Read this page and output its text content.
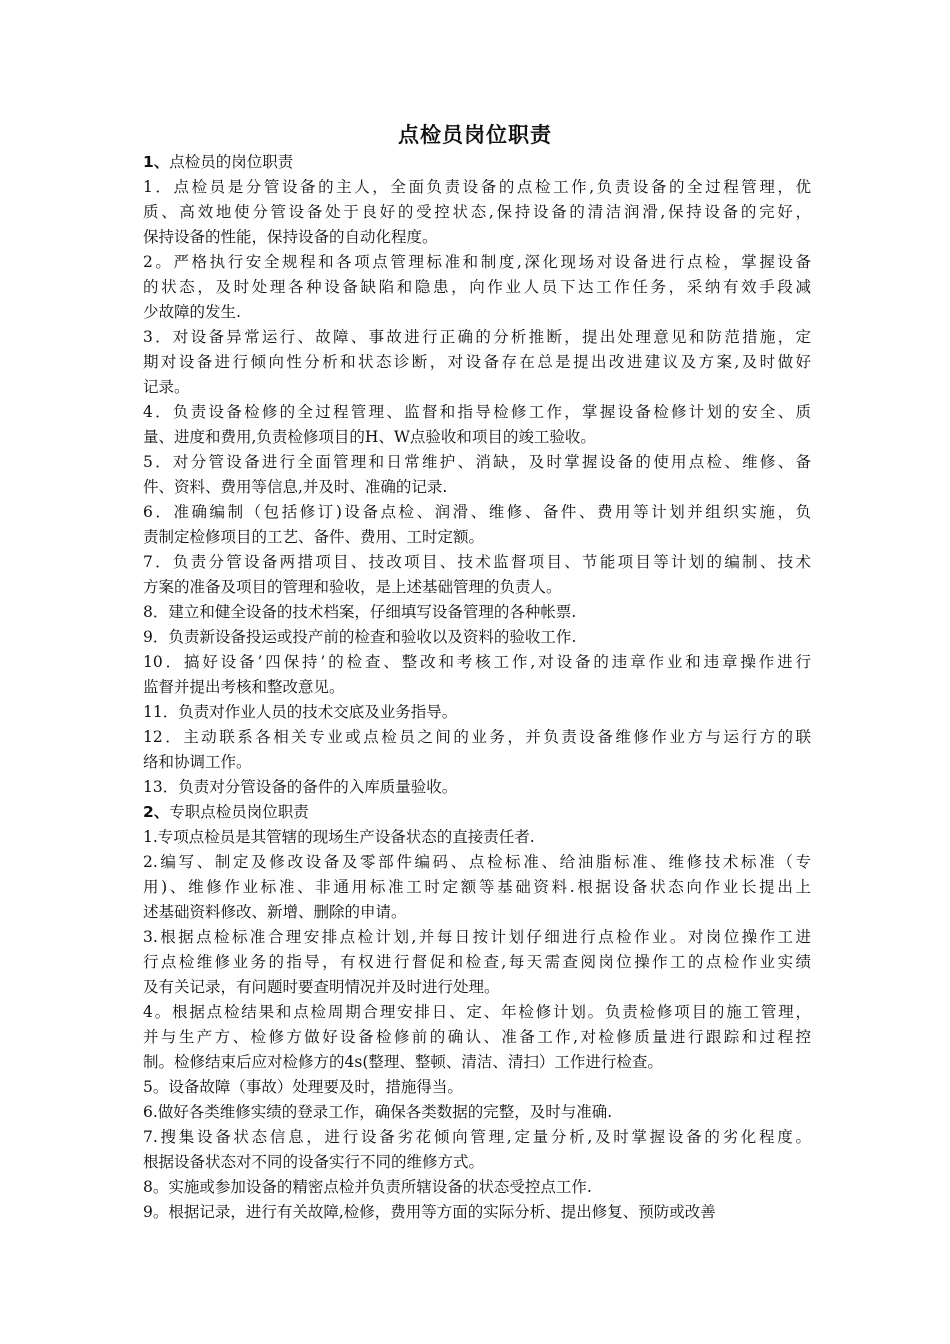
点检员岗位职责
1、点检员的岗位职责
1．点检员是分管设备的主人，全面负责设备的点检工作,负责设备的全过程管理，优
质、高效地使分管设备处于良好的受控状态,保持设备的清洁润滑,保持设备的完好，
保持设备的性能，保持设备的自动化程度。
2。严格执行安全规程和各项点管理标准和制度,深化现场对设备进行点检，掌握设备
的状态，及时处理各种设备缺陷和隐患，向作业人员下达工作任务，采纳有效手段减
少故障的发生.
3．对设备异常运行、故障、事故进行正确的分析推断，提出处理意见和防范措施，定
期对设备进行倾向性分析和状态诊断，对设备存在总是提出改进建议及方案,及时做好
记录。
4．负责设备检修的全过程管理、监督和指导检修工作，掌握设备检修计划的安全、质
量、进度和费用,负责检修项目的H、W点验收和项目的竣工验收。
5．对分管设备进行全面管理和日常维护、消缺，及时掌握设备的使用点检、维修、备
件、资料、费用等信息,并及时、准确的记录.
6．准确编制（包括修订)设备点检、润滑、维修、备件、费用等计划并组织实施，负
责制定检修项目的工艺、备件、费用、工时定额。
7．负责分管设备两措项目、技改项目、技术监督项目、节能项目等计划的编制、技术
方案的准备及项目的管理和验收，是上述基础管理的负责人。
8．建立和健全设备的技术档案，仔细填写设备管理的各种帐票.
9．负责新设备投运或投产前的检查和验收以及资料的验收工作.
10．搞好设备’四保持’的检查、整改和考核工作,对设备的违章作业和违章操作进行
监督并提出考核和整改意见。
11．负责对作业人员的技术交底及业务指导。
12．主动联系各相关专业或点检员之间的业务，并负责设备维修作业方与运行方的联
络和协调工作。
13．负责对分管设备的备件的入库质量验收。
2、专职点检员岗位职责
1.专项点检员是其管辖的现场生产设备状态的直接责任者.
2.编写、制定及修改设备及零部件编码、点检标准、给油脂标准、维修技术标准（专
用)、维修作业标准、非通用标准工时定额等基础资料.根据设备状态向作业长提出上
述基础资料修改、新增、删除的申请。
3.根据点检标准合理安排点检计划,并每日按计划仔细进行点检作业。对岗位操作工进
行点检维修业务的指导，有权进行督促和检查,每天需查阅岗位操作工的点检作业实绩
及有关记录，有问题时要查明情况并及时进行处理。
4。根据点检结果和点检周期合理安排日、定、年检修计划。负责检修项目的施工管理，
并与生产方、检修方做好设备检修前的确认、准备工作,对检修质量进行跟踪和过程控
制。检修结束后应对检修方的4s(整理、整顿、清洁、清扫）工作进行检查。
5。设备故障（事故）处理要及时，措施得当。
6.做好各类维修实绩的登录工作，确保各类数据的完整，及时与准确.
7.搜集设备状态信息，进行设备劣花倾向管理,定量分析,及时掌握设备的劣化程度。
根据设备状态对不同的设备实行不同的维修方式。
8。实施或参加设备的精密点检并负责所辖设备的状态受控点工作.
9。根据记录，进行有关故障,检修，费用等方面的实际分析、提出修复、预防或改善
